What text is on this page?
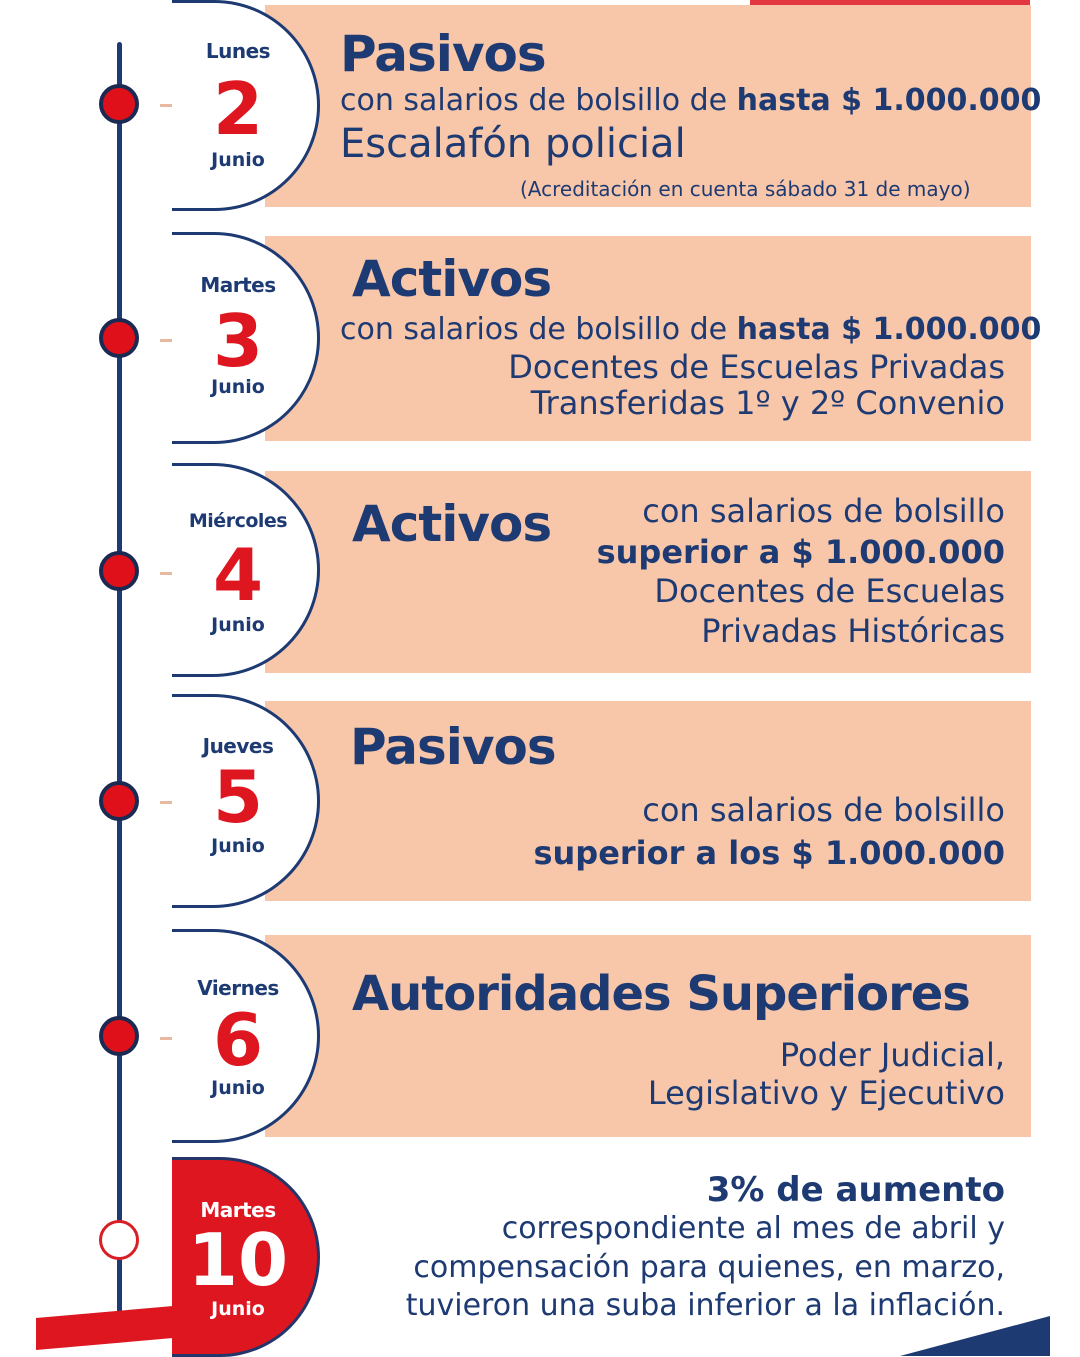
Lunes
2
Junio
Pasivos
con salarios de bolsillo de hasta $ 1.000.000
Escalafón policial
(Acreditación en cuenta sábado 31 de mayo)
Martes
3
Junio
Activos
con salarios de bolsillo de hasta $ 1.000.000
Docentes de Escuelas Privadas
Transferidas 1º y 2º Convenio
Miércoles
4
Junio
Activos	con salarios de bolsillo
superior a $ 1.000.000
Docentes de Escuelas
Privadas Históricas
Jueves
5
Junio
Pasivos
con salarios de bolsillo
superior a los $ 1.000.000
Viernes
6
Junio
Autoridades Superiores
Poder Judicial,
Legislativo y Ejecutivo
Martes
10
Junio
3% de aumento
correspondiente al mes de abril y
compensación para quienes, en marzo,
tuvieron una suba inferior a la inflación.
